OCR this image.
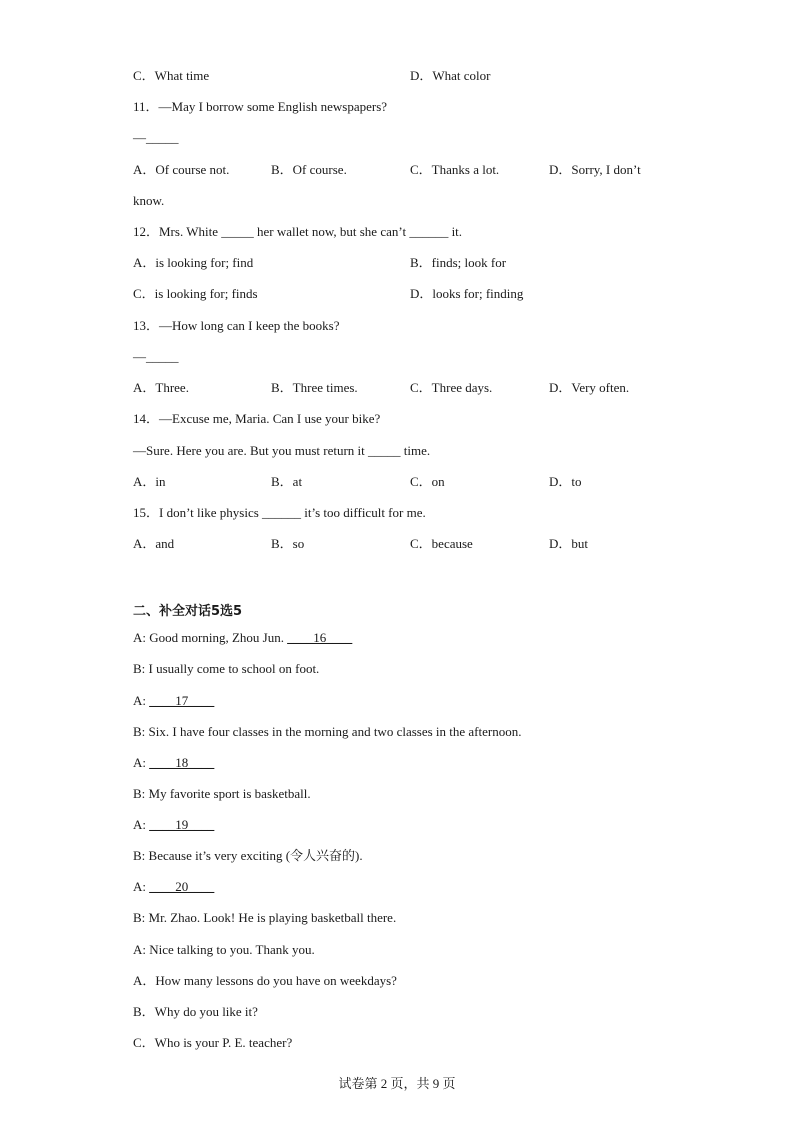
C．What time	D．What color
11．—May I borrow some English newspapers?
—_____
A．Of course not.	B．Of course.	C．Thanks a lot.	D．Sorry, I don’t
know.
12．Mrs. White _____ her wallet now, but she can’t ______ it.
A．is looking for; find	B．finds; look for
C．is looking for; finds	D．looks for; finding
13．—How long can I keep the books?
—_____
A．Three.	B．Three times.	C．Three days.	D．Very often.
14．—Excuse me, Maria. Can I use your bike?
—Sure. Here you are. But you must return it _____ time.
A．in	B．at	C．on	D．to
15．I don’t like physics ______ it’s too difficult for me.
A．and	B．so	C．because	D．but
二、补全对话5选5
A: Good morning, Zhou Jun. ____16____
B: I usually come to school on foot.
A: ____17____
B: Six. I have four classes in the morning and two classes in the afternoon.
A: ____18____
B: My favorite sport is basketball.
A: ____19____
B: Because it’s very exciting (令人兴奋的).
A: ____20____
B: Mr. Zhao. Look! He is playing basketball there.
A: Nice talking to you. Thank you.
A．How many lessons do you have on weekdays?
B．Why do you like it?
C．Who is your P. E. teacher?
试卷第 2 页，共 9 页
